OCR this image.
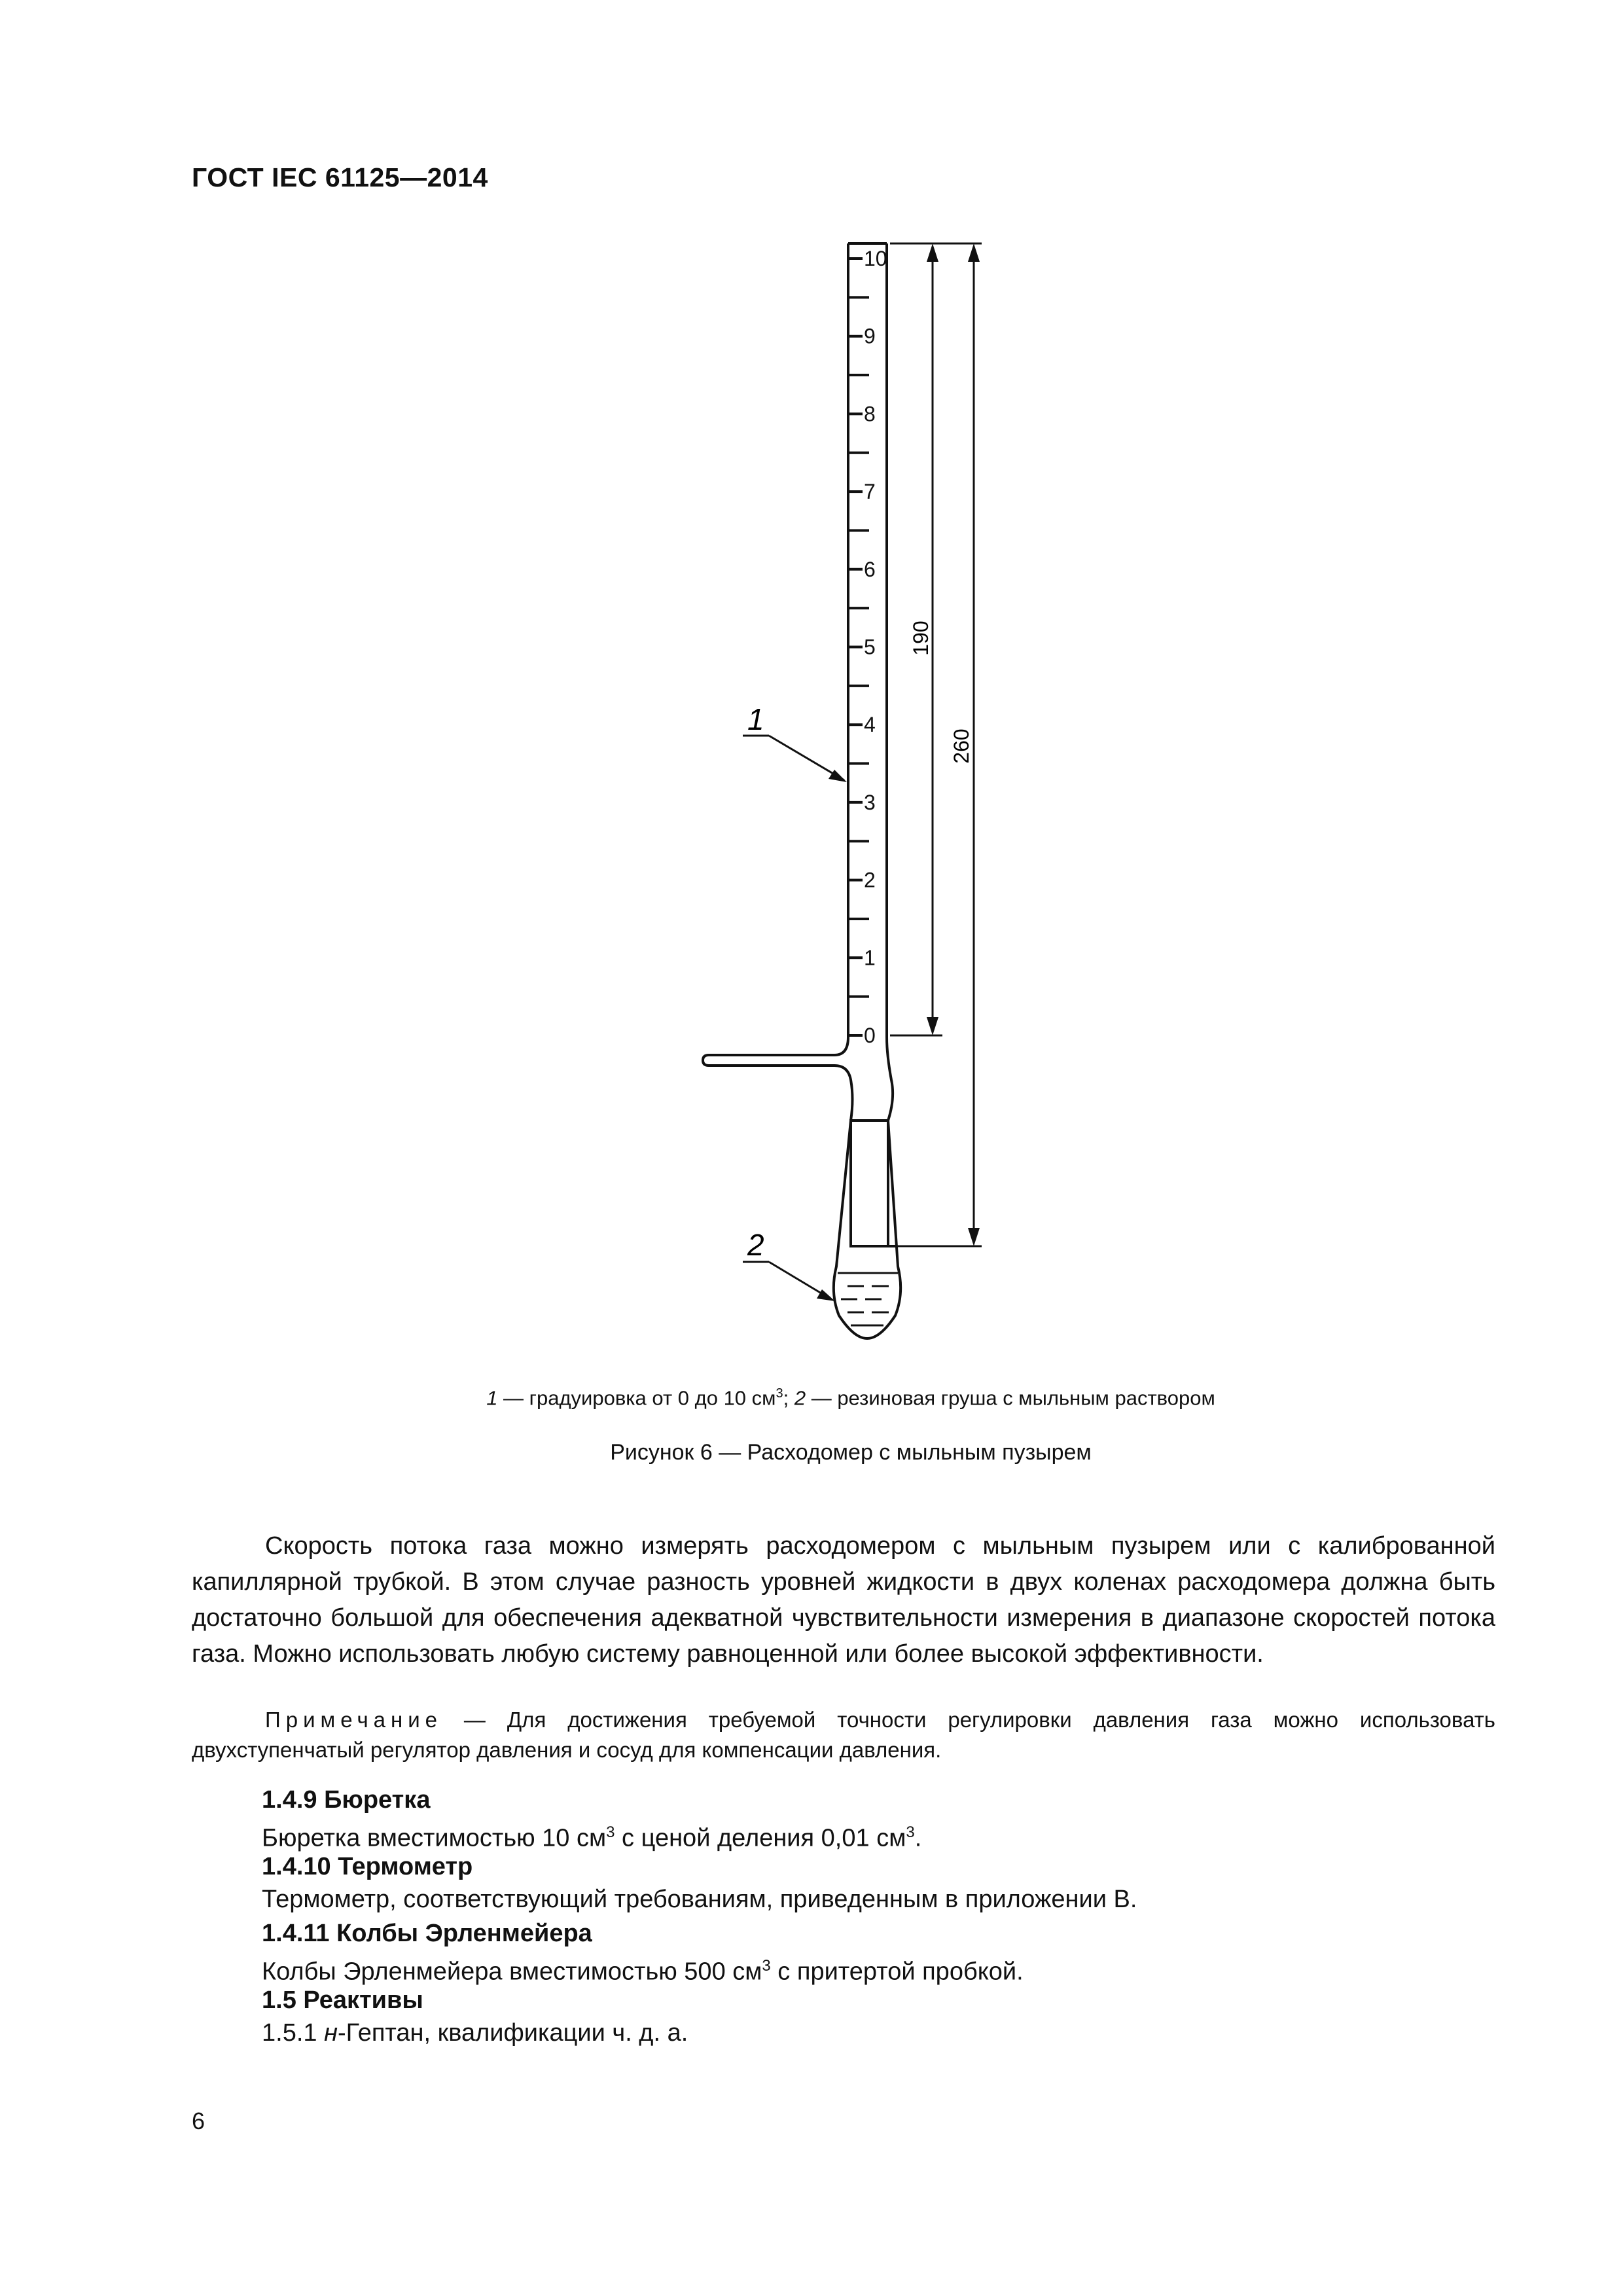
ГОСТ IEC 61125—2014
10
9
8
7
6
5
4
3
2
1
0
190
260
1
2
1 — градуировка от 0 до 10 $см^3$; 2 — резиновая груша с мыльным раствором
Рисунок 6 — Расходомер с мыльным пузырем
Скорость потока газа можно измерять расходомером с мыльным пузырем или с калиброванной капиллярной трубкой. В этом случае разность уровней жидкости в двух коленах расходомера должна быть достаточно большой для обеспечения адекватной чувствительности измерения в диапазоне скоростей потока газа. Можно использовать любую систему равноценной или более высокой эффективности.
Примечание — Для достижения требуемой точности регулировки давления газа можно использовать двухступенчатый регулятор давления и сосуд для компенсации давления.
1.4.9 Бюретка
Бюретка вместимостью 10 $см^3$ с ценой деления 0,01 $см^3$.
1.4.10 Термометр
Термометр, соответствующий требованиям, приведенным в приложении В.
1.4.11 Колбы Эрленмейера
Колбы Эрленмейера вместимостью 500 $см^3$ с притертой пробкой.
1.5 Реактивы
1.5.1 н-Гептан, квалификации ч. д. а.
6
